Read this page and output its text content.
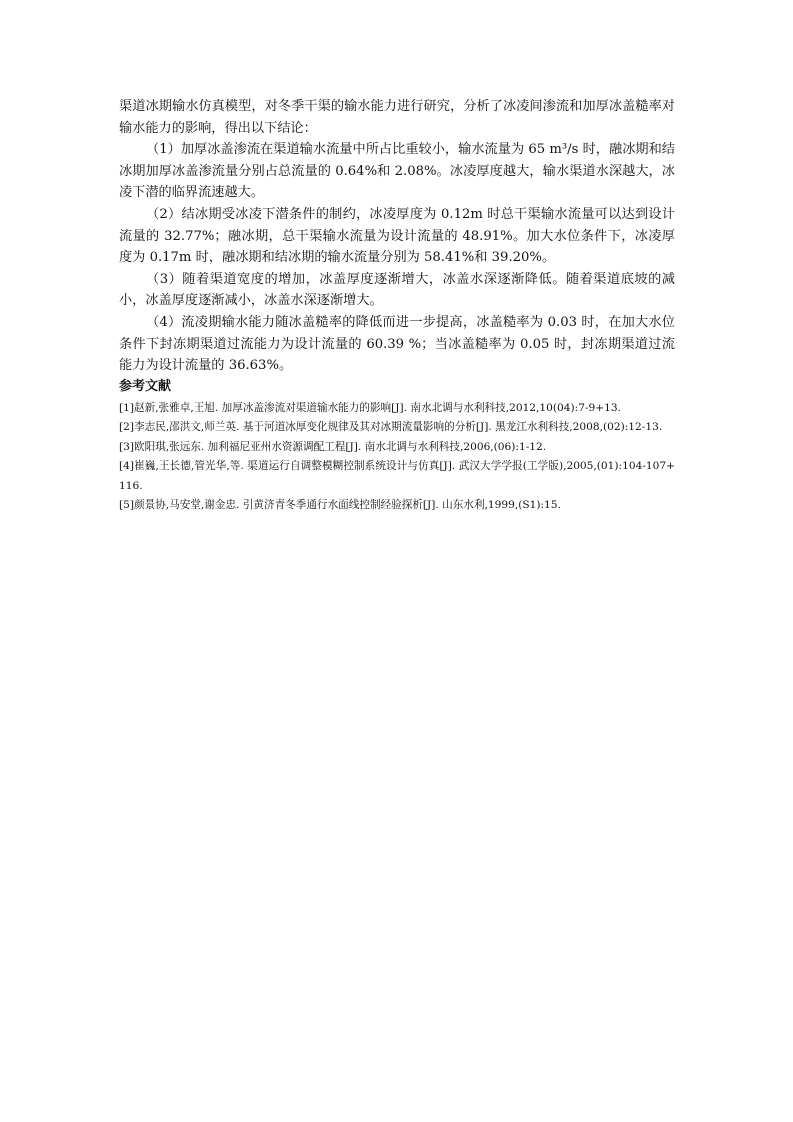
渠道冰期输水仿真模型，对冬季干渠的输水能力进行研究，分析了冰凌间渗流和加厚冰盖糙率对输水能力的影响，得出以下结论：

（1）加厚冰盖渗流在渠道输水流量中所占比重较小，输水流量为 65 m³/s 时，融冰期和结冰期加厚冰盖渗流量分别占总流量的 0.64%和 2.08%。冰凌厚度越大，输水渠道水深越大，冰凌下潜的临界流速越大。

（2）结冰期受冰凌下潜条件的制约，冰凌厚度为 0.12m 时总干渠输水流量可以达到设计流量的 32.77%；融冰期，总干渠输水流量为设计流量的 48.91%。加大水位条件下，冰凌厚度为 0.17m 时，融冰期和结冰期的输水流量分别为 58.41%和 39.20%。

（3）随着渠道宽度的增加，冰盖厚度逐渐增大，冰盖水深逐渐降低。随着渠道底坡的减小，冰盖厚度逐渐减小，冰盖水深逐渐增大。

（4）流凌期输水能力随冰盖糙率的降低而进一步提高，冰盖糙率为 0.03 时，在加大水位条件下封冻期渠道过流能力为设计流量的 60.39 %；当冰盖糙率为 0.05 时，封冻期渠道过流能力为设计流量的 36.63%。

参考文献
[1]赵新,张雅卓,王旭. 加厚冰盖渗流对渠道输水能力的影响[J]. 南水北调与水利科技,2012,10(04):7-9+13.
[2]李志民,邵洪文,师兰英. 基于河道冰厚变化规律及其对冰期流量影响的分析[J]. 黑龙江水利科技,2008,(02):12-13.
[3]欧阳琪,张远东. 加利福尼亚州水资源调配工程[J]. 南水北调与水利科技,2006,(06):1-12.
[4]崔巍,王长德,管光华,等. 渠道运行自调整模糊控制系统设计与仿真[J]. 武汉大学学报(工学版),2005,(01):104-107+116.
[5]颜景协,马安堂,谢金忠. 引黄济青冬季通行水面线控制经验探析[J]. 山东水利,1999,(S1):15.
